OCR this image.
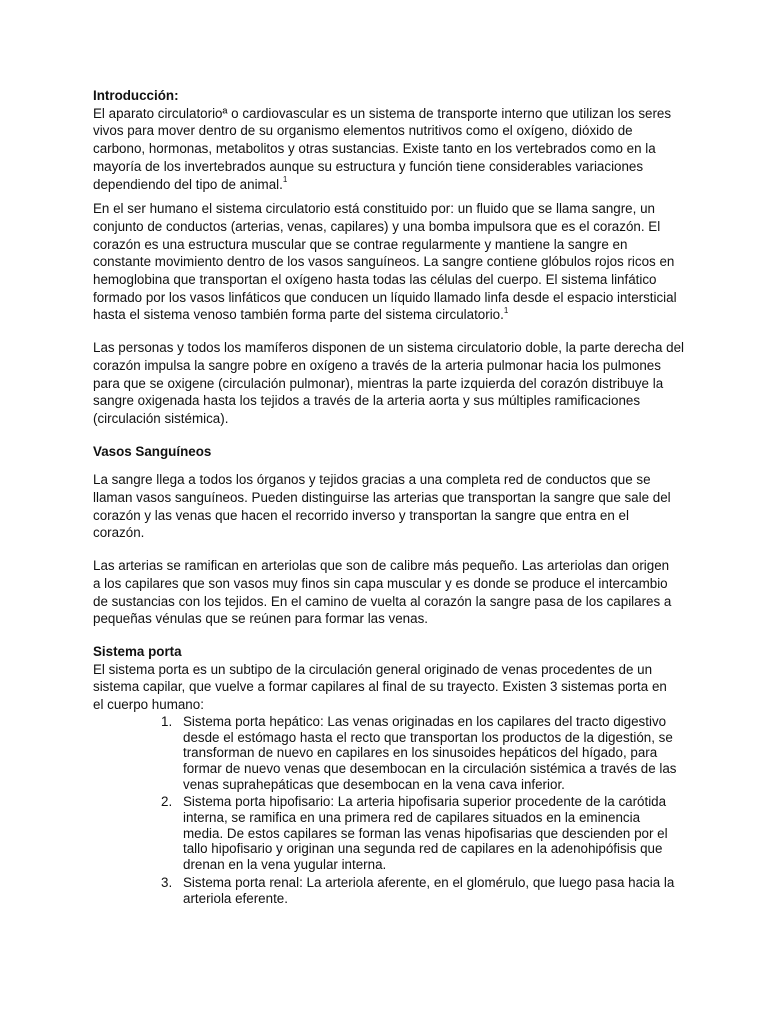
Introducción:

El aparato circulatorioª o cardiovascular es un sistema de transporte interno que utilizan los seres vivos para mover dentro de su organismo elementos nutritivos como el oxígeno, dióxido de carbono, hormonas, metabolitos y otras sustancias. Existe tanto en los vertebrados como en la mayoría de los invertebrados aunque su estructura y función tiene considerables variaciones dependiendo del tipo de animal.$^1$

En el ser humano el sistema circulatorio está constituido por: un fluido que se llama sangre, un conjunto de conductos (arterias, venas, capilares) y una bomba impulsora que es el corazón. El corazón es una estructura muscular que se contrae regularmente y mantiene la sangre en constante movimiento dentro de los vasos sanguíneos. La sangre contiene glóbulos rojos ricos en hemoglobina que transportan el oxígeno hasta todas las células del cuerpo. El sistema linfático formado por los vasos linfáticos que conducen un líquido llamado linfa desde el espacio intersticial hasta el sistema venoso también forma parte del sistema circulatorio.$^1$

Las personas y todos los mamíferos disponen de un sistema circulatorio doble, la parte derecha del corazón impulsa la sangre pobre en oxígeno a través de la arteria pulmonar hacia los pulmones para que se oxigene (circulación pulmonar), mientras la parte izquierda del corazón distribuye la sangre oxigenada hasta los tejidos a través de la arteria aorta y sus múltiples ramificaciones (circulación sistémica).

Vasos Sanguíneos

La sangre llega a todos los órganos y tejidos gracias a una completa red de conductos que se llaman vasos sanguíneos. Pueden distinguirse las arterias que transportan la sangre que sale del corazón y las venas que hacen el recorrido inverso y transportan la sangre que entra en el corazón.

Las arterias se ramifican en arteriolas que son de calibre más pequeño. Las arteriolas dan origen a los capilares que son vasos muy finos sin capa muscular y es donde se produce el intercambio de sustancias con los tejidos. En el camino de vuelta al corazón la sangre pasa de los capilares a pequeñas vénulas que se reúnen para formar las venas.

Sistema porta

El sistema porta es un subtipo de la circulación general originado de venas procedentes de un sistema capilar, que vuelve a formar capilares al final de su trayecto. Existen 3 sistemas porta en el cuerpo humano:

1. Sistema porta hepático: Las venas originadas en los capilares del tracto digestivo desde el estómago hasta el recto que transportan los productos de la digestión, se transforman de nuevo en capilares en los sinusoides hepáticos del hígado, para formar de nuevo venas que desembocan en la circulación sistémica a través de las venas suprahepáticas que desembocan en la vena cava inferior.
2. Sistema porta hipofisario: La arteria hipofisaria superior procedente de la carótida interna, se ramifica en una primera red de capilares situados en la eminencia media. De estos capilares se forman las venas hipofisarias que descienden por el tallo hipofisario y originan una segunda red de capilares en la adenohipófisis que drenan en la vena yugular interna.
3. Sistema porta renal: La arteriola aferente, en el glomérulo, que luego pasa hacia la arteriola eferente.
